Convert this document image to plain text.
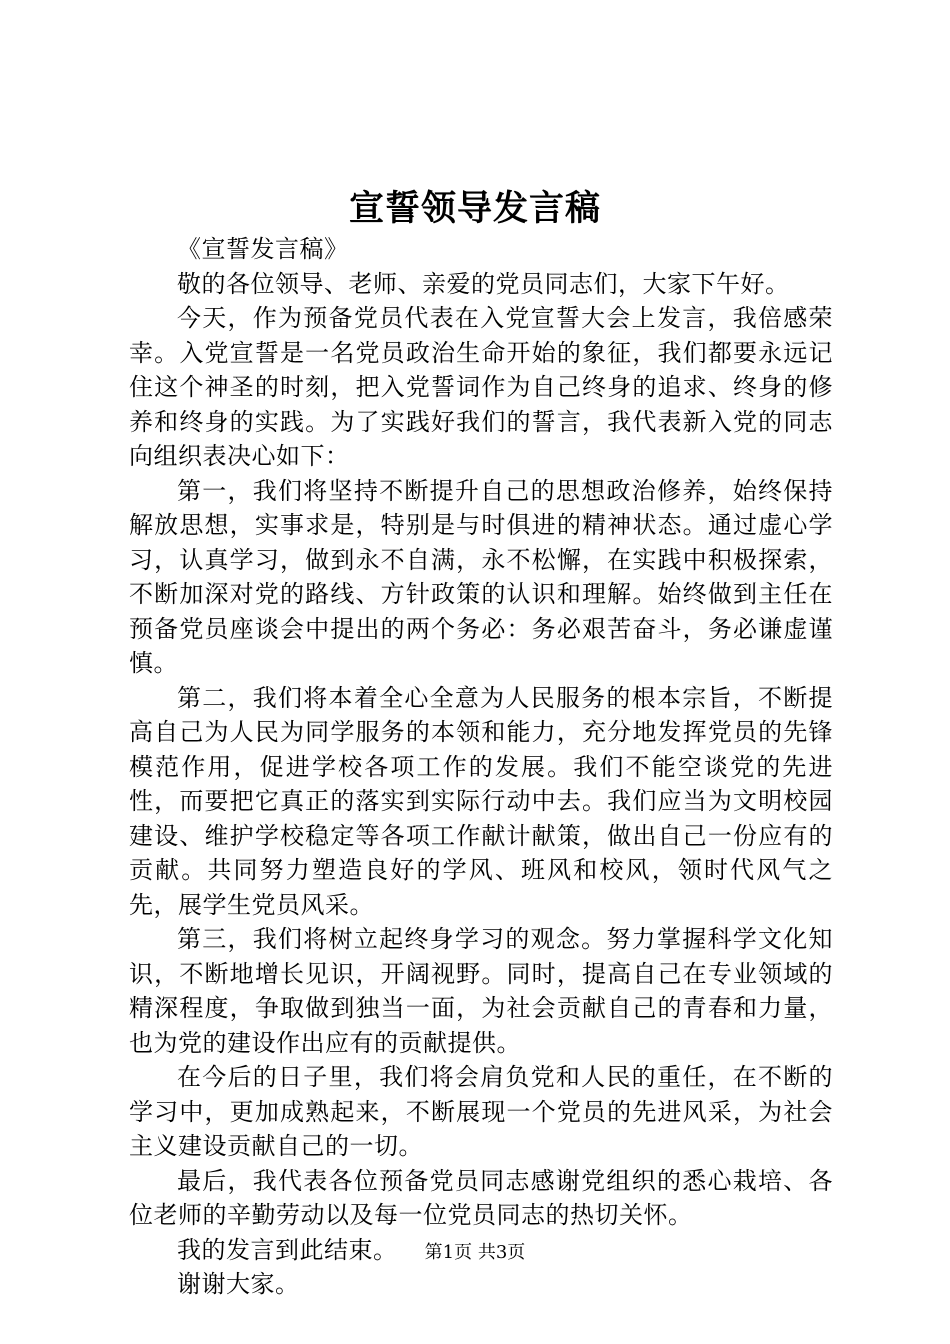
宣誓领导发言稿

《宣誓发言稿》

敬的各位领导、老师、亲爱的党员同志们，大家下午好。

今天，作为预备党员代表在入党宣誓大会上发言，我倍感荣幸。入党宣誓是一名党员政治生命开始的象征，我们都要永远记住这个神圣的时刻，把入党誓词作为自己终身的追求、终身的修养和终身的实践。为了实践好我们的誓言，我代表新入党的同志向组织表决心如下：

第一，我们将坚持不断提升自己的思想政治修养，始终保持解放思想，实事求是，特别是与时俱进的精神状态。通过虚心学习，认真学习，做到永不自满，永不松懈，在实践中积极探索，不断加深对党的路线、方针政策的认识和理解。始终做到主任在预备党员座谈会中提出的两个务必：务必艰苦奋斗，务必谦虚谨慎。

第二，我们将本着全心全意为人民服务的根本宗旨，不断提高自己为人民为同学服务的本领和能力，充分地发挥党员的先锋模范作用，促进学校各项工作的发展。我们不能空谈党的先进性，而要把它真正的落实到实际行动中去。我们应当为文明校园建设、维护学校稳定等各项工作献计献策，做出自己一份应有的贡献。共同努力塑造良好的学风、班风和校风，领时代风气之先，展学生党员风采。

第三，我们将树立起终身学习的观念。努力掌握科学文化知识，不断地增长见识，开阔视野。同时，提高自己在专业领域的精深程度，争取做到独当一面，为社会贡献自己的青春和力量，也为党的建设作出应有的贡献提供。

在今后的日子里，我们将会肩负党和人民的重任，在不断的学习中，更加成熟起来，不断展现一个党员的先进风采，为社会主义建设贡献自己的一切。

最后，我代表各位预备党员同志感谢党组织的悉心栽培、各位老师的辛勤劳动以及每一位党员同志的热切关怀。

我的发言到此结束。

谢谢大家。

第1页 共3页
